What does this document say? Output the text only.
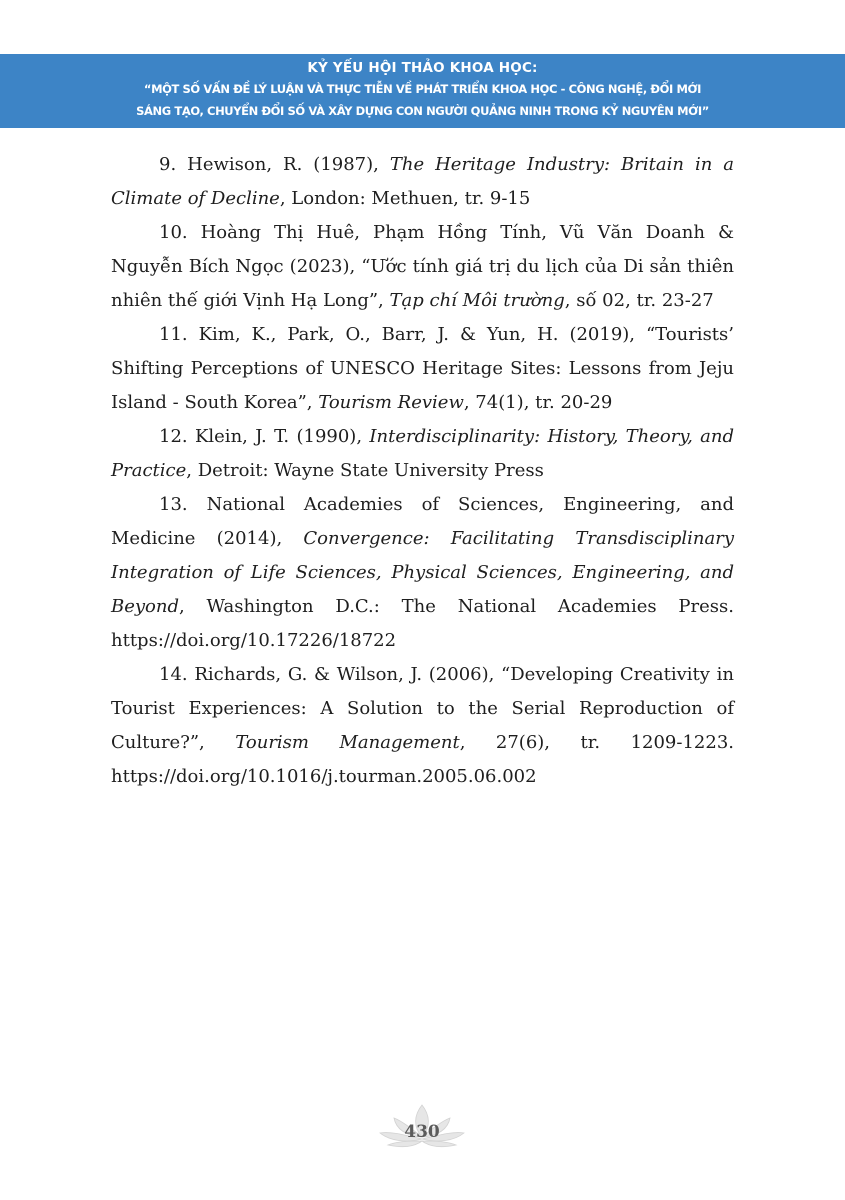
KỶ YẾU HỘI THẢO KHOA HỌC:
“MỘT SỐ VẤN ĐỀ LÝ LUẬN VÀ THỰC TIỄN VỀ PHÁT TRIỂN KHOA HỌC - CÔNG NGHỆ, ĐỔI MỚI
SÁNG TẠO, CHUYỂN ĐỔI SỐ VÀ XÂY DỰNG CON NGƯỜI QUẢNG NINH TRONG KỶ NGUYÊN MỚI”

9. Hewison, R. (1987), The Heritage Industry: Britain in a Climate of Decline, London: Methuen, tr. 9-15

10. Hoàng Thị Huê, Phạm Hồng Tính, Vũ Văn Doanh & Nguyễn Bích Ngọc (2023), “Ước tính giá trị du lịch của Di sản thiên nhiên thế giới Vịnh Hạ Long”, Tạp chí Môi trường, số 02, tr. 23-27

11. Kim, K., Park, O., Barr, J. & Yun, H. (2019), “Tourists’ Shifting Perceptions of UNESCO Heritage Sites: Lessons from Jeju Island - South Korea”, Tourism Review, 74(1), tr. 20-29

12. Klein, J. T. (1990), Interdisciplinarity: History, Theory, and Practice, Detroit: Wayne State University Press

13. National Academies of Sciences, Engineering, and Medicine (2014), Convergence: Facilitating Transdisciplinary Integration of Life Sciences, Physical Sciences, Engineering, and Beyond, Washington D.C.: The National Academies Press. https://doi.org/10.17226/18722

14. Richards, G. & Wilson, J. (2006), “Developing Creativity in Tourist Experiences: A Solution to the Serial Reproduction of Culture?”, Tourism Management, 27(6), tr. 1209-1223. https://doi.org/10.1016/j.tourman.2005.06.002

430
